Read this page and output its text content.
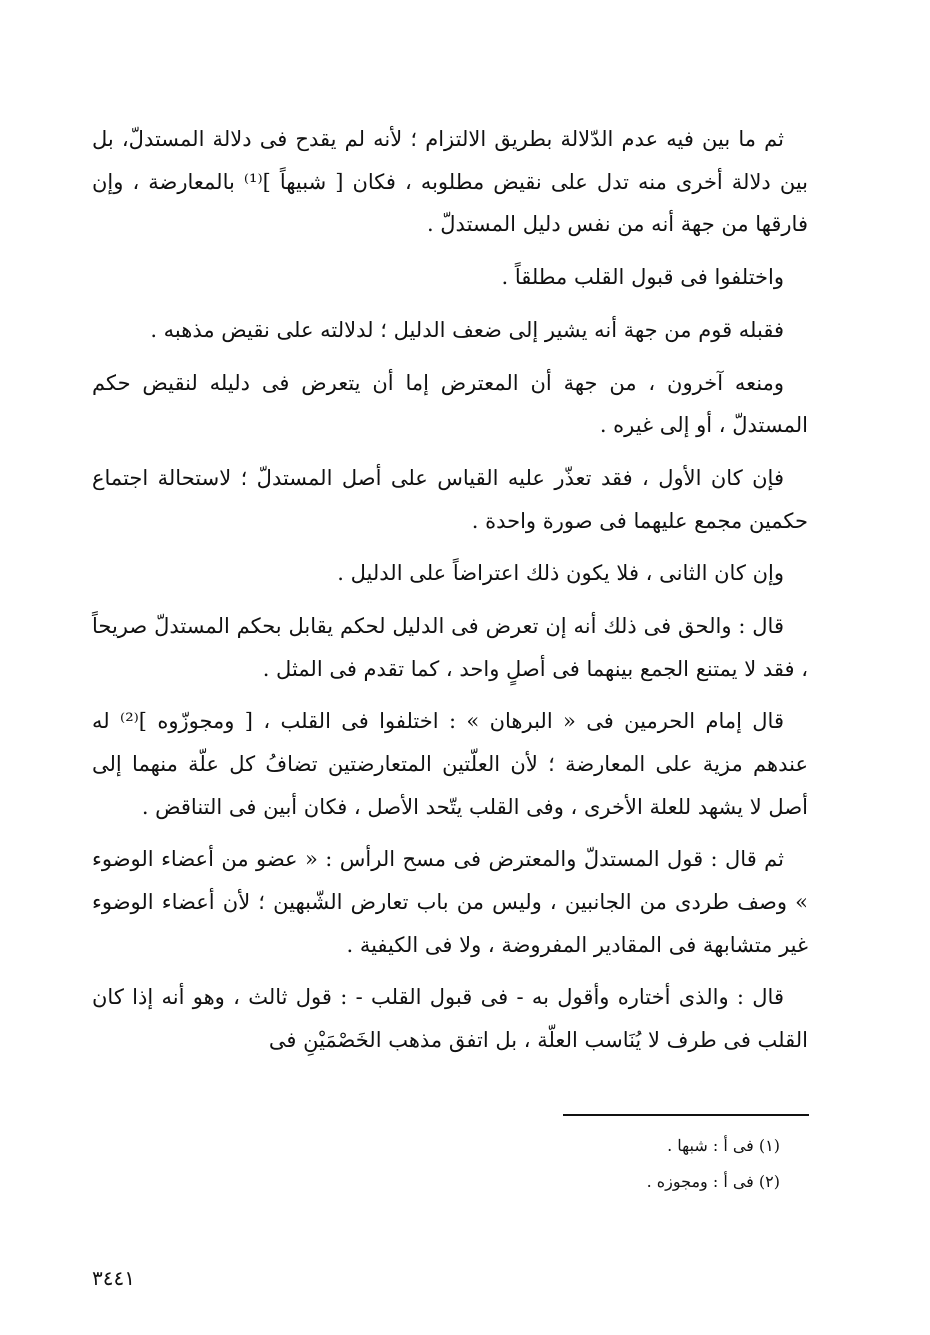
ثم ما بين فيه عدم الدّلالة بطريق الالتزام ؛ لأنه لم يقدح فى دلالة المستدلّ، بل بين دلالة أخرى منه تدل على نقيض مطلوبه ، فكان [ شبيهاً ]⁽¹⁾ بالمعارضة ، وإن فارقها من جهة أنه من نفس دليل المستدلّ .

واختلفوا فى قبول القلب مطلقاً .

فقبله قوم من جهة أنه يشير إلى ضعف الدليل ؛ لدلالته على نقيض مذهبه .

ومنعه آخرون ، من جهة أن المعترض إما أن يتعرض فى دليله لنقيض حكم المستدلّ ، أو إلى غيره .

فإن كان الأول ، فقد تعذّر عليه القياس على أصل المستدلّ ؛ لاستحالة اجتماع حكمين مجمع عليهما فى صورة واحدة .

وإن كان الثانى ، فلا يكون ذلك اعتراضاً على الدليل .

قال : والحق فى ذلك أنه إن تعرض فى الدليل لحكم يقابل بحكم المستدلّ صريحاً ، فقد لا يمتنع الجمع بينهما فى أصلٍ واحد ، كما تقدم فى المثل .

قال إمام الحرمين فى « البرهان » : اختلفوا فى القلب ، [ ومجوزّوه ]⁽²⁾ له عندهم مزية على المعارضة ؛ لأن العلّتين المتعارضتين تضافُ كل علّة منهما إلى أصل لا يشهد للعلة الأخرى ، وفى القلب يتّحد الأصل ، فكان أبين فى التناقض .

ثم قال : قول المستدلّ والمعترض فى مسح الرأس : « عضو من أعضاء الوضوء » وصف طردى من الجانبين ، وليس من باب تعارض الشّبهين ؛ لأن أعضاء الوضوء غير متشابهة فى المقادير المفروضة ، ولا فى الكيفية .

قال : والذى أختاره وأقول به - فى قبول القلب - : قول ثالث ، وهو أنه إذا كان القلب فى طرف لا يُنَاسب العلّة ، بل اتفق مذهب الخَصْمَيْنِ فى

(١) فى أ : شبها .

(٢) فى أ : ومجوزه .

٣٤٤١
